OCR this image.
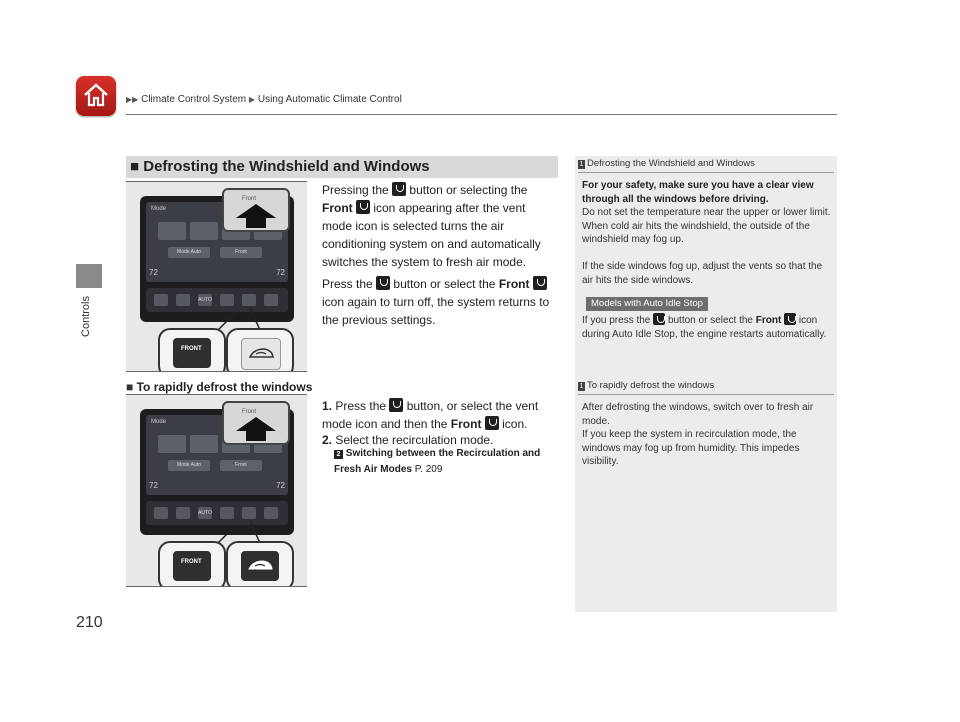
▶▶ Climate Control System ▶ Using Automatic Climate Control
Controls
210
■ Defrosting the Windshield and Windows
Mode
Mode Auto	Front
72	72
AUTO
Front
FRONT
Mode
Mode Auto	Front
72	72
AUTO
Front
FRONT
Pressing the button or selecting the Front icon appearing after the vent mode icon is selected turns the air conditioning system on and automatically switches the system to fresh air mode.
Press the button or select the Front  icon again to turn off, the system returns to the previous settings.
■ To rapidly defrost the windows
1. Press the button, or select the vent mode icon and then the Front icon.
2. Select the recirculation mode.
2 Switching between the Recirculation and Fresh Air Modes P. 209
1 Defrosting the Windshield and Windows
For your safety, make sure you have a clear view through all the windows before driving.
Do not set the temperature near the upper or lower limit.
When cold air hits the windshield, the outside of the windshield may fog up.

If the side windows fog up, adjust the vents so that the air hits the side windows.
Models with Auto Idle Stop
If you press the button or select the Front icon during Auto Idle Stop, the engine restarts automatically.
1 To rapidly defrost the windows
After defrosting the windows, switch over to fresh air mode.
If you keep the system in recirculation mode, the windows may fog up from humidity. This impedes visibility.
